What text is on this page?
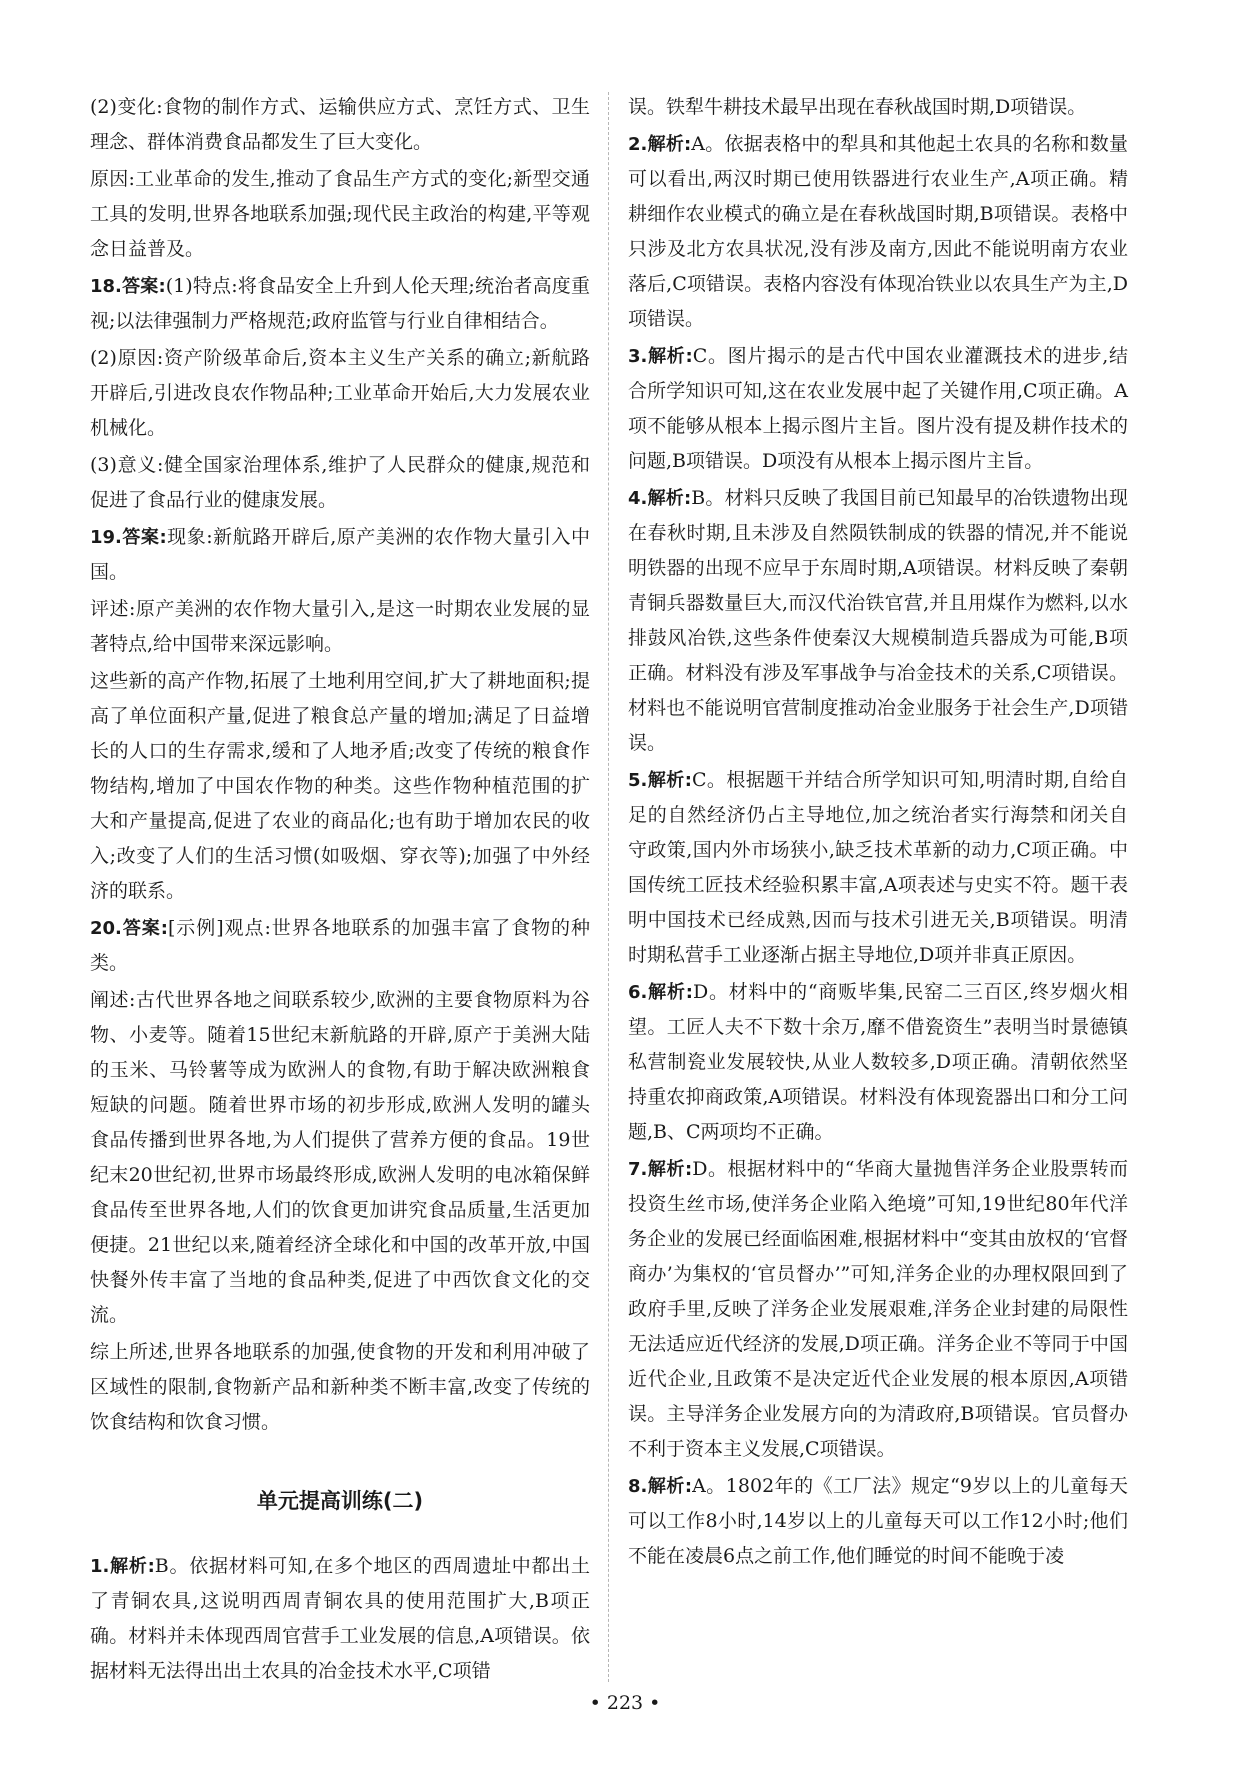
(2)变化:食物的制作方式、运输供应方式、烹饪方式、卫生理念、群体消费食品都发生了巨大变化。

原因:工业革命的发生,推动了食品生产方式的变化;新型交通工具的发明,世界各地联系加强;现代民主政治的构建,平等观念日益普及。

18.答案:(1)特点:将食品安全上升到人伦天理;统治者高度重视;以法律强制力严格规范;政府监管与行业自律相结合。

(2)原因:资产阶级革命后,资本主义生产关系的确立;新航路开辟后,引进改良农作物品种;工业革命开始后,大力发展农业机械化。

(3)意义:健全国家治理体系,维护了人民群众的健康,规范和促进了食品行业的健康发展。

19.答案:现象:新航路开辟后,原产美洲的农作物大量引入中国。

评述:原产美洲的农作物大量引入,是这一时期农业发展的显著特点,给中国带来深远影响。

这些新的高产作物,拓展了土地利用空间,扩大了耕地面积;提高了单位面积产量,促进了粮食总产量的增加;满足了日益增长的人口的生存需求,缓和了人地矛盾;改变了传统的粮食作物结构,增加了中国农作物的种类。这些作物种植范围的扩大和产量提高,促进了农业的商品化;也有助于增加农民的收入;改变了人们的生活习惯(如吸烟、穿衣等);加强了中外经济的联系。

20.答案:[示例]观点:世界各地联系的加强丰富了食物的种类。

阐述:古代世界各地之间联系较少,欧洲的主要食物原料为谷物、小麦等。随着15世纪末新航路的开辟,原产于美洲大陆的玉米、马铃薯等成为欧洲人的食物,有助于解决欧洲粮食短缺的问题。随着世界市场的初步形成,欧洲人发明的罐头食品传播到世界各地,为人们提供了营养方便的食品。19世纪末20世纪初,世界市场最终形成,欧洲人发明的电冰箱保鲜食品传至世界各地,人们的饮食更加讲究食品质量,生活更加便捷。21世纪以来,随着经济全球化和中国的改革开放,中国快餐外传丰富了当地的食品种类,促进了中西饮食文化的交流。

综上所述,世界各地联系的加强,使食物的开发和利用冲破了区域性的限制,食物新产品和新种类不断丰富,改变了传统的饮食结构和饮食习惯。

单元提高训练(二)

1.解析:B。依据材料可知,在多个地区的西周遗址中都出土了青铜农具,这说明西周青铜农具的使用范围扩大,B项正确。材料并未体现西周官营手工业发展的信息,A项错误。依据材料无法得出出土农具的冶金技术水平,C项错

误。铁犁牛耕技术最早出现在春秋战国时期,D项错误。

2.解析:A。依据表格中的犁具和其他起土农具的名称和数量可以看出,两汉时期已使用铁器进行农业生产,A项正确。精耕细作农业模式的确立是在春秋战国时期,B项错误。表格中只涉及北方农具状况,没有涉及南方,因此不能说明南方农业落后,C项错误。表格内容没有体现冶铁业以农具生产为主,D项错误。

3.解析:C。图片揭示的是古代中国农业灌溉技术的进步,结合所学知识可知,这在农业发展中起了关键作用,C项正确。A项不能够从根本上揭示图片主旨。图片没有提及耕作技术的问题,B项错误。D项没有从根本上揭示图片主旨。

4.解析:B。材料只反映了我国目前已知最早的冶铁遗物出现在春秋时期,且未涉及自然陨铁制成的铁器的情况,并不能说明铁器的出现不应早于东周时期,A项错误。材料反映了秦朝青铜兵器数量巨大,而汉代治铁官营,并且用煤作为燃料,以水排鼓风冶铁,这些条件使秦汉大规模制造兵器成为可能,B项正确。材料没有涉及军事战争与冶金技术的关系,C项错误。材料也不能说明官营制度推动冶金业服务于社会生产,D项错误。

5.解析:C。根据题干并结合所学知识可知,明清时期,自给自足的自然经济仍占主导地位,加之统治者实行海禁和闭关自守政策,国内外市场狭小,缺乏技术革新的动力,C项正确。中国传统工匠技术经验积累丰富,A项表述与史实不符。题干表明中国技术已经成熟,因而与技术引进无关,B项错误。明清时期私营手工业逐渐占据主导地位,D项并非真正原因。

6.解析:D。材料中的“商贩毕集,民窑二三百区,终岁烟火相望。工匠人夫不下数十余万,靡不借瓷资生”表明当时景德镇私营制瓷业发展较快,从业人数较多,D项正确。清朝依然坚持重农抑商政策,A项错误。材料没有体现瓷器出口和分工问题,B、C两项均不正确。

7.解析:D。根据材料中的“华商大量抛售洋务企业股票转而投资生丝市场,使洋务企业陷入绝境”可知,19世纪80年代洋务企业的发展已经面临困难,根据材料中“变其由放权的‘官督商办’为集权的‘官员督办’”可知,洋务企业的办理权限回到了政府手里,反映了洋务企业发展艰难,洋务企业封建的局限性无法适应近代经济的发展,D项正确。洋务企业不等同于中国近代企业,且政策不是决定近代企业发展的根本原因,A项错误。主导洋务企业发展方向的为清政府,B项错误。官员督办不利于资本主义发展,C项错误。

8.解析:A。1802年的《工厂法》规定“9岁以上的儿童每天可以工作8小时,14岁以上的儿童每天可以工作12小时;他们不能在凌晨6点之前工作,他们睡觉的时间不能晚于凌

• 223 •
